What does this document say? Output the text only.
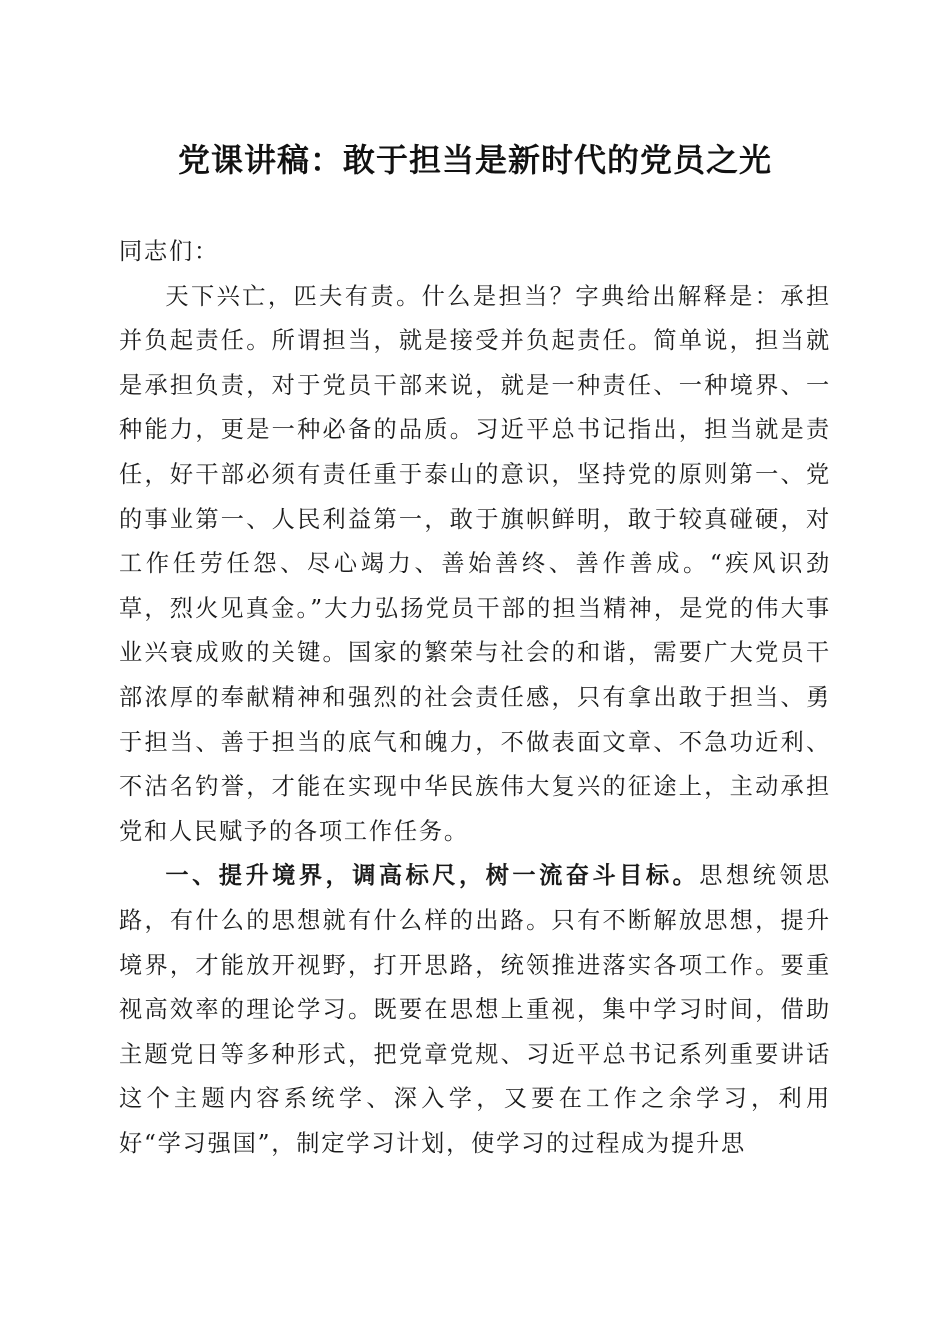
党课讲稿：敢于担当是新时代的党员之光

同志们：

天下兴亡，匹夫有责。什么是担当？字典给出解释是：承担并负起责任。所谓担当，就是接受并负起责任。简单说，担当就是承担负责，对于党员干部来说，就是一种责任、一种境界、一种能力，更是一种必备的品质。习近平总书记指出，担当就是责任，好干部必须有责任重于泰山的意识，坚持党的原则第一、党的事业第一、人民利益第一，敢于旗帜鲜明，敢于较真碰硬，对工作任劳任怨、尽心竭力、善始善终、善作善成。“疾风识劲草，烈火见真金。”大力弘扬党员干部的担当精神，是党的伟大事业兴衰成败的关键。国家的繁荣与社会的和谐，需要广大党员干部浓厚的奉献精神和强烈的社会责任感，只有拿出敢于担当、勇于担当、善于担当的底气和魄力，不做表面文章、不急功近利、不沽名钓誉，才能在实现中华民族伟大复兴的征途上，主动承担党和人民赋予的各项工作任务。

一、提升境界，调高标尺，树一流奋斗目标。思想统领思路，有什么的思想就有什么样的出路。只有不断解放思想，提升境界，才能放开视野，打开思路，统领推进落实各项工作。要重视高效率的理论学习。既要在思想上重视，集中学习时间，借助主题党日等多种形式，把党章党规、习近平总书记系列重要讲话这个主题内容系统学、深入学，又要在工作之余学习，利用好“学习强国”，制定学习计划，使学习的过程成为提升思
